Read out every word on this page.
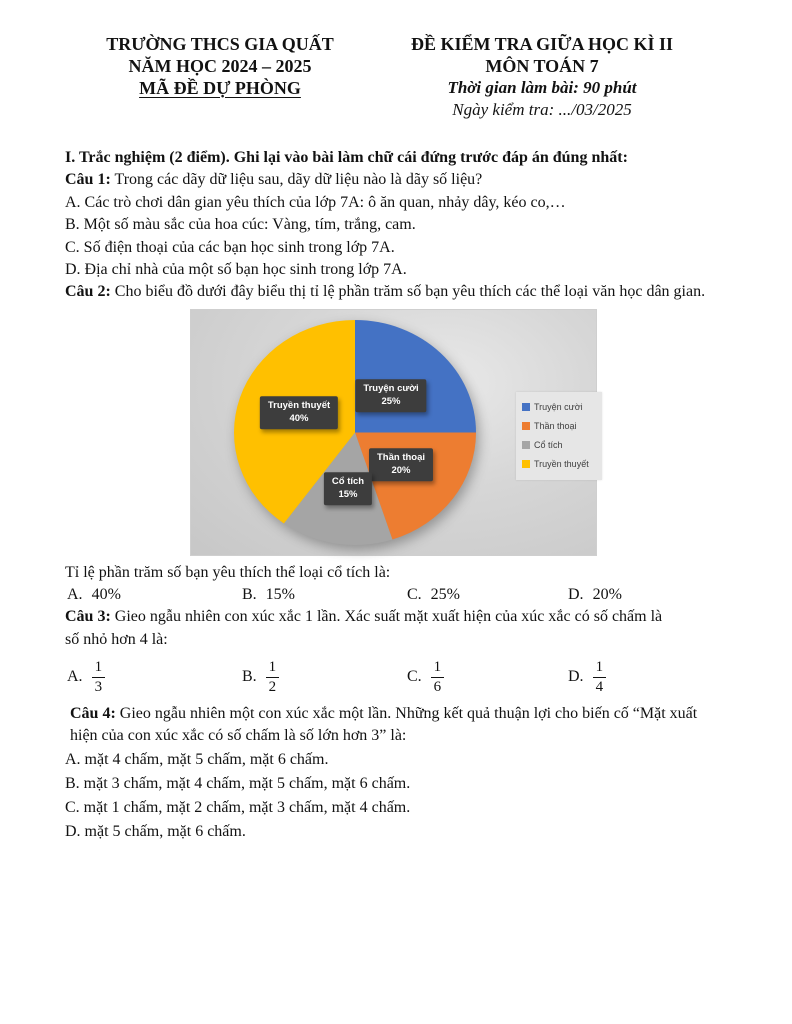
TRƯỜNG THCS GIA QUẤT
NĂM HỌC 2024 – 2025
MÃ ĐỀ DỰ PHÒNG
ĐỀ KIỂM TRA GIỮA HỌC KÌ II
MÔN TOÁN 7
Thời gian làm bài: 90 phút
Ngày kiểm tra: .../03/2025

I. Trắc nghiệm (2 điểm). Ghi lại vào bài làm chữ cái đứng trước đáp án đúng nhất:

Câu 1: Trong các dãy dữ liệu sau, dãy dữ liệu nào là dãy số liệu?

A. Các trò chơi dân gian yêu thích của lớp 7A: ô ăn quan, nhảy dây, kéo co,…

B. Một số màu sắc của hoa cúc: Vàng, tím, trắng, cam.

C. Số điện thoại của các bạn học sinh trong lớp 7A.

D. Địa chỉ nhà của một số bạn học sinh trong lớp 7A.

Câu 2: Cho biểu đồ dưới đây biểu thị tỉ lệ phần trăm số bạn yêu thích các thể loại văn học dân gian.

Truyện cười
25%
Truyền thuyết
40%
Thần thoại
20%
Cổ tích
15%
Truyện cười
Thần thoại
Cổ tích
Truyền thuyết

Tỉ lệ phần trăm số bạn yêu thích thể loại cổ tích là:

A. 40%	B. 15%	C. 25%	D. 20%

Câu 3: Gieo ngẫu nhiên con xúc xắc 1 lần. Xác suất mặt xuất hiện của xúc xắc có số chấm là

số nhỏ hơn 4 là:

A. $\frac{1}{3}$	B. $\frac{1}{2}$	C. $\frac{1}{6}$	D. $\frac{1}{4}$

Câu 4: Gieo ngẫu nhiên một con xúc xắc một lần. Những kết quả thuận lợi cho biến cố “Mặt xuất

hiện của con xúc xắc có số chấm là số lớn hơn 3” là:

A. mặt 4 chấm, mặt 5 chấm, mặt 6 chấm.

B. mặt 3 chấm, mặt 4 chấm, mặt 5 chấm, mặt 6 chấm.

C. mặt 1 chấm, mặt 2 chấm, mặt 3 chấm, mặt 4 chấm.

D. mặt 5 chấm, mặt 6 chấm.
